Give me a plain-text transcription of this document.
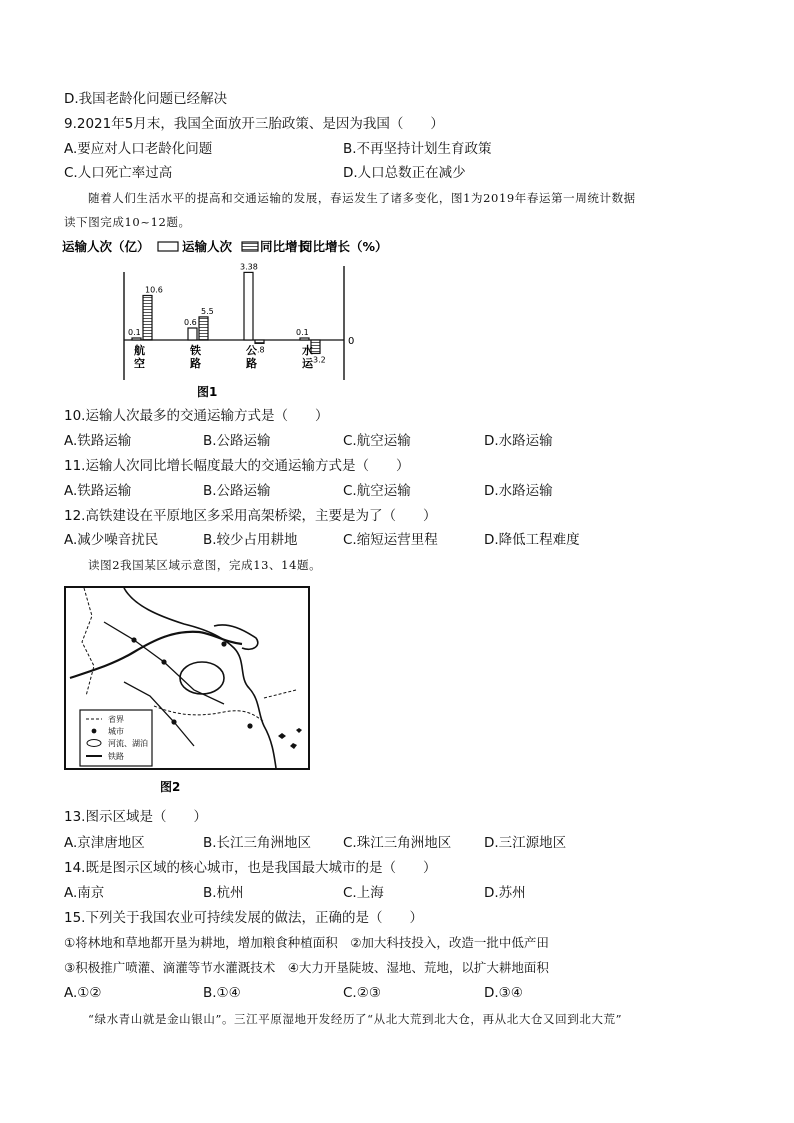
D.我国老龄化问题已经解决
9.2021年5月末，我国全面放开三胎政策、是因为我国（　　）
A.要应对人口老龄化问题	B.不再坚持计划生育政策
C.人口死亡率过高	D.人口总数正在减少
随着人们生活水平的提高和交通运输的发展，春运发生了诸多变化，图1为2019年春运第一周统计数据
读下图完成10~12题。
运输人次（亿）	运输人次 同比增长
同比增长（%）
0
0.1
10.6
航
空
0.6
5.5
铁
路
3.38
.8
公
路
0.1
3.2
水
运
图1
10.运输人次最多的交通运输方式是（　　）
A.铁路运输	B.公路运输	C.航空运输	D.水路运输
11.运输人次同比增长幅度最大的交通运输方式是（　　）
A.铁路运输	B.公路运输	C.航空运输	D.水路运输
12.高铁建设在平原地区多采用高架桥梁，主要是为了（　　）
A.减少噪音扰民	B.较少占用耕地	C.缩短运营里程	D.降低工程难度
读图2我国某区域示意图，完成13、14题。
省界
城市
河流、湖泊
铁路
图2
13.图示区域是（　　）
A.京津唐地区	B.长江三角洲地区 C.珠江三角洲地区 D.三江源地区
14.既是图示区域的核心城市，也是我国最大城市的是（　　）
A.南京	B.杭州	C.上海	D.苏州
15.下列关于我国农业可持续发展的做法，正确的是（　　）
①将林地和草地都开垦为耕地，增加粮食种植面积　②加大科技投入，改造一批中低产田
③积极推广喷灌、滴灌等节水灌溉技术　④大力开垦陡坡、湿地、荒地，以扩大耕地面积
A.①②	B.①④	C.②③	D.③④
“绿水青山就是金山银山”。三江平原湿地开发经历了“从北大荒到北大仓，再从北大仓又回到北大荒”
